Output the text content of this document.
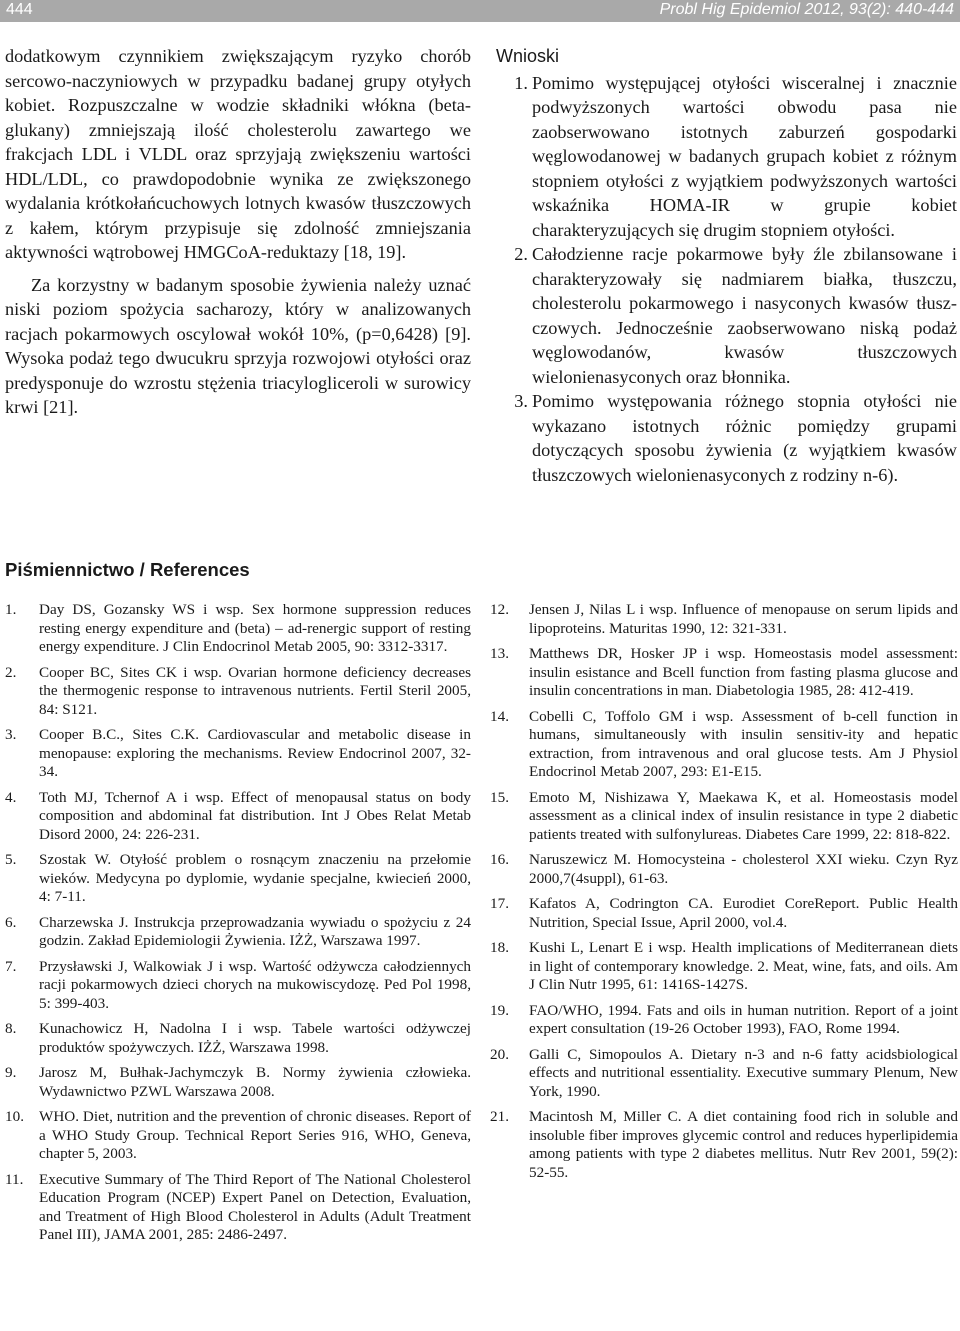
444	Probl Hig Epidemiol 2012, 93(2): 440-444

dodatkowym czynnikiem zwiększającym ryzyko chorób sercowo-naczyniowych w przypadku badanej grupy otyłych kobiet. Rozpuszczalne w wodzie składniki włókna (beta-glukany) zmniejszają ilość cholesterolu zawartego we frakcjach LDL i VLDL oraz sprzyjają zwiększeniu wartości HDL/LDL, co prawdopodobnie wynika ze zwiększonego wydalania krótkołańcuchowych lotnych kwasów tłuszczowych z kałem, którym przypisuje się zdolność zmniejszania aktywności wątrobowej HMGCoA-reduktazy [18, 19].

Za korzystny w badanym sposobie żywienia należy uznać niski poziom spożycia sacharozy, który w analizowanych racjach pokarmowych oscylował wokół 10%, (p=0,6428) [9]. Wysoka podaż tego dwucukru sprzyja rozwojowi otyłości oraz predysponuje do wzrostu stężenia triacylogliceroli w surowicy krwi [21].

Wnioski
1. Pomimo występującej otyłości wisceralnej i znacznie podwyższonych wartości obwodu pasa nie zaobserwowano istotnych zaburzeń gospodarki węglowodanowej w badanych grupach kobiet z różnym stopniem otyłości z wyjątkiem podwyższonych wartości wskaźnika HOMA-IR w grupie kobiet charakteryzujących się drugim stopniem otyłości.
2. Całodzienne racje pokarmowe były źle zbilansowane i charakteryzowały się nadmiarem białka, tłuszczu, cholesterolu pokarmowego i nasyconych kwasów tłusz-czowych. Jednocześnie zaobserwowano niską podaż węglowodanów, kwasów tłuszczowych wielonienasyconych oraz błonnika.
3. Pomimo występowania różnego stopnia otyłości nie wykazano istotnych różnic pomiędzy grupami dotyczących sposobu żywienia (z wyjątkiem kwasów tłuszczowych wielonienasyconych z rodziny n-6).
Piśmiennictwo / References
1.	Day DS, Gozansky WS i wsp. Sex hormone suppression reduces resting energy expenditure and (beta) – ad-renergic support of resting energy expenditure. J Clin Endocrinol Metab 2005, 90: 3312-3317.
2.	Cooper BC, Sites CK i wsp. Ovarian hormone deficiency decreases the thermogenic response to intravenous nutrients. Fertil Steril 2005, 84: S121.
3.	Cooper B.C., Sites C.K. Cardiovascular and metabolic disease in menopause: exploring the mechanisms. Review Endocrinol 2007, 32-34.
4.	Toth MJ, Tchernof A i wsp. Effect of menopausal status on body composition and abdominal fat distribution. Int J Obes Relat Metab Disord 2000, 24: 226-231.
5.	Szostak W. Otyłość problem o rosnącym znaczeniu na przełomie wieków. Medycyna po dyplomie, wydanie specjalne, kwiecień 2000, 4: 7-11.
6.	Charzewska J. Instrukcja przeprowadzania wywiadu o spożyciu z 24 godzin. Zakład Epidemiologii Żywienia. IŻŻ, Warszawa 1997.
7.	Przysławski J, Walkowiak J i wsp. Wartość odżywcza całodziennych racji pokarmowych dzieci chorych na mukowiscydozę. Ped Pol 1998, 5: 399-403.
8.	Kunachowicz H, Nadolna I i wsp. Tabele wartości odżywczej produktów spożywczych. IŻŻ, Warszawa 1998.
9.	Jarosz M, Bułhak-Jachymczyk B. Normy żywienia człowieka. Wydawnictwo PZWL Warszawa 2008.
10. WHO. Diet, nutrition and the prevention of chronic diseases. Report of a WHO Study Group. Technical Report Series 916, WHO, Geneva, chapter 5, 2003.
11.	Executive Summary of The Third Report of The National Cholesterol Education Program (NCEP) Expert Panel on Detection, Evaluation, and Treatment of High Blood Cholesterol in Adults (Adult Treatment Panel III), JAMA 2001, 285: 2486-2497.
12.	Jensen J, Nilas L i wsp. Influence of menopause on serum lipids and lipoproteins. Maturitas 1990, 12: 321-331.
13.	Matthews DR, Hosker JP i wsp. Homeostasis model assessment: insulin esistance and Bcell function from fasting plasma glucose and insulin concentrations in man. Diabetologia 1985, 28: 412-419.
14.	Cobelli C, Toffolo GM i wsp. Assessment of b-cell function in humans, simultaneously with insulin sensitiv-ity and hepatic extraction, from intravenous and oral glucose tests. Am J Physiol Endocrinol Metab 2007, 293: E1-E15.
15.	Emoto M, Nishizawa Y, Maekawa K, et al. Homeostasis model assessment as a clinical index of insulin resistance in type 2 diabetic patients treated with sulfonylureas. Diabetes Care 1999, 22: 818-822.
16.	Naruszewicz M. Homocysteina - cholesterol XXI wieku. Czyn Ryz 2000,7(4suppl), 61-63.
17.	Kafatos A, Codrington CA. Eurodiet CoreReport. Public Health Nutrition, Special Issue, April 2000, vol.4.
18.	Kushi L, Lenart E i wsp. Health implications of Mediterranean diets in light of contemporary knowledge. 2. Meat, wine, fats, and oils. Am J Clin Nutr 1995, 61: 1416S-1427S.
19.	FAO/WHO, 1994. Fats and oils in human nutrition. Report of a joint expert consultation (19-26 October 1993), FAO, Rome 1994.
20.	Galli C, Simopoulos A. Dietary n-3 and n-6 fatty acidsbiological effects and nutritional essentiality. Executive summary Plenum, New York, 1990.
21.	Macintosh M, Miller C. A diet containing food rich in soluble and insoluble fiber improves glycemic control and reduces hyperlipidemia among patients with type 2 diabetes mellitus. Nutr Rev 2001, 59(2): 52-55.
